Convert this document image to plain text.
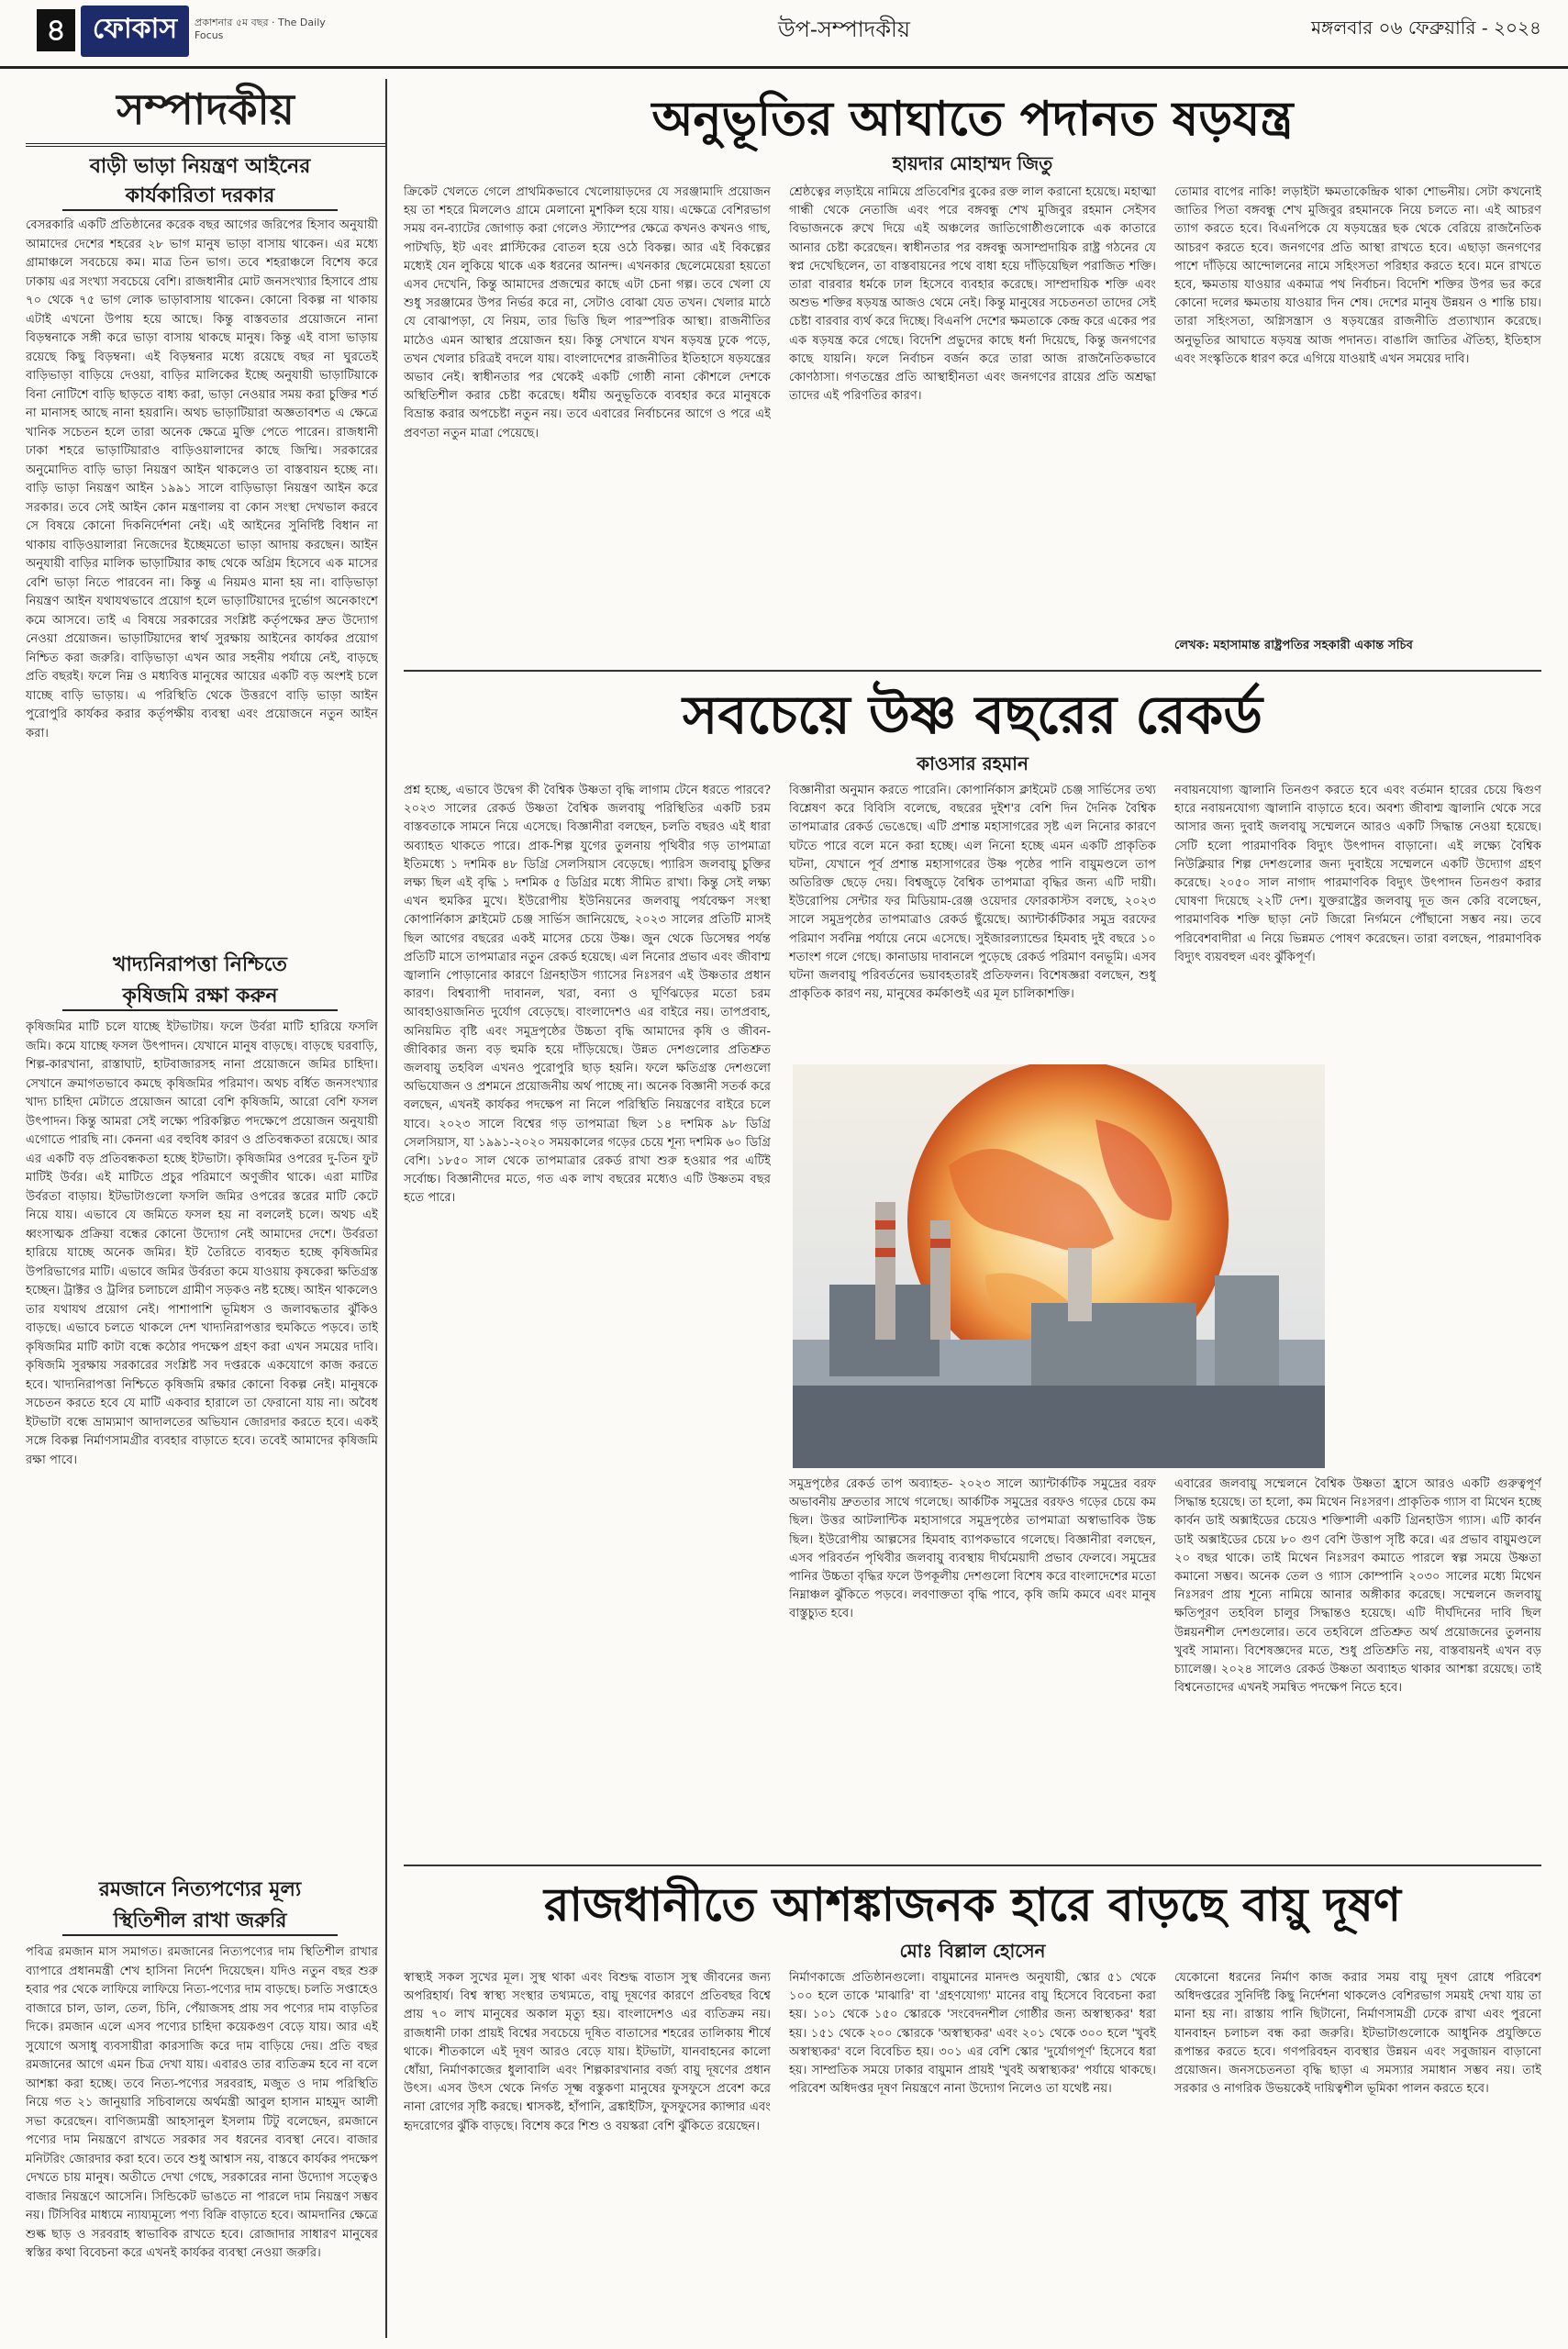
৪ ফোকাস	প্রকাশনার ৫ম বছর · The Daily Focus	উপ-সম্পাদকীয়	মঙ্গলবার ০৬ ফেব্রুয়ারি - ২০২৪
সম্পাদকীয়
বাড়ী ভাড়া নিয়ন্ত্রণ আইনের
কার্যকারিতা দরকার
বেসরকারি একটি প্রতিষ্ঠানের করেক বছর আগের জরিপের হিসাব অনুযায়ী আমাদের দেশের শহরের ২৮ ভাগ মানুষ ভাড়া বাসায় থাকেন। এর মধ্যে গ্রামাঞ্চলে সবচেয়ে কম। মাত্র তিন ভাগ। তবে শহরাঞ্চলে বিশেষ করে ঢাকায় এর সংখ্যা সবচেয়ে বেশি। রাজধানীর মোট জনসংখ্যার হিসাবে প্রায় ৭০ থেকে ৭৫ ভাগ লোক ভাড়াবাসায় থাকেন। কোনো বিকল্প না থাকায় এটাই এখনো উপায় হয়ে আছে। কিন্তু বাস্তবতার প্রয়োজনে নানা বিড়ম্বনাকে সঙ্গী করে ভাড়া বাসায় থাকছে মানুষ। কিন্তু এই বাসা ভাড়ায় রয়েছে কিছু বিড়ম্বনা। এই বিড়ম্বনার মধ্যে রয়েছে বছর না ঘুরতেই বাড়িভাড়া বাড়িয়ে দেওয়া, বাড়ির মালিকের ইচ্ছে অনুযায়ী ভাড়াটিয়াকে বিনা নোটিশে বাড়ি ছাড়তে বাধ্য করা, ভাড়া নেওয়ার সময় করা চুক্তির শর্ত না মানাসহ আছে নানা হয়রানি। অথচ ভাড়াটিয়ারা অজ্ঞতাবশত এ ক্ষেত্রে খানিক সচেতন হলে তারা অনেক ক্ষেত্রে মুক্তি পেতে পারেন। রাজধানী ঢাকা শহরে ভাড়াটিয়ারাও বাড়িওয়ালাদের কাছে জিম্মি। সরকারের অনুমোদিত বাড়ি ভাড়া নিয়ন্ত্রণ আইন থাকলেও তা বাস্তবায়ন হচ্ছে না। বাড়ি ভাড়া নিয়ন্ত্রণ আইন ১৯৯১ সালে বাড়িভাড়া নিয়ন্ত্রণ আইন করে সরকার। তবে সেই আইন কোন মন্ত্রণালয় বা কোন সংস্থা দেখভাল করবে সে বিষয়ে কোনো দিকনির্দেশনা নেই। এই আইনের সুনির্দিষ্ট বিধান না থাকায় বাড়িওয়ালারা নিজেদের ইচ্ছেমতো ভাড়া আদায় করছেন। আইন অনুযায়ী বাড়ির মালিক ভাড়াটিয়ার কাছ থেকে অগ্রিম হিসেবে এক মাসের বেশি ভাড়া নিতে পারবেন না। কিন্তু এ নিয়মও মানা হয় না। বাড়িভাড়া নিয়ন্ত্রণ আইন যথাযথভাবে প্রয়োগ হলে ভাড়াটিয়াদের দুর্ভোগ অনেকাংশে কমে আসবে। তাই এ বিষয়ে সরকারের সংশ্লিষ্ট কর্তৃপক্ষের দ্রুত উদ্যোগ নেওয়া প্রয়োজন। ভাড়াটিয়াদের স্বার্থ সুরক্ষায় আইনের কার্যকর প্রয়োগ নিশ্চিত করা জরুরি। বাড়িভাড়া এখন আর সহনীয় পর্যায়ে নেই, বাড়ছে প্রতি বছরই। ফলে নিম্ন ও মধ্যবিত্ত মানুষের আয়ের একটি বড় অংশই চলে যাচ্ছে বাড়ি ভাড়ায়। এ পরিস্থিতি থেকে উত্তরণে বাড়ি ভাড়া আইন পুরোপুরি কার্যকর করার কর্তৃপক্ষীয় ব্যবস্থা এবং প্রয়োজনে নতুন আইন করা।
খাদ্যনিরাপত্তা নিশ্চিতে
কৃষিজমি রক্ষা করুন
কৃষিজমির মাটি চলে যাচ্ছে ইটভাটায়। ফলে উর্বরা মাটি হারিয়ে ফসলি জমি। কমে যাচ্ছে ফসল উৎপাদন। যেখানে মানুষ বাড়ছে। বাড়ছে ঘরবাড়ি, শিল্প-কারখানা, রাস্তাঘাট, হাটবাজারসহ নানা প্রয়োজনে জমির চাহিদা। সেখানে ক্রমাগতভাবে কমছে কৃষিজমির পরিমাণ। অথচ বর্ধিত জনসংখ্যার খাদ্য চাহিদা মেটাতে প্রয়োজন আরো বেশি কৃষিজমি, আরো বেশি ফসল উৎপাদন। কিন্তু আমরা সেই লক্ষ্যে পরিকল্পিত পদক্ষেপে প্রয়োজন অনুযায়ী এগোতে পারছি না। কেননা এর বহুবিধ কারণ ও প্রতিবন্ধকতা রয়েছে। আর এর একটি বড় প্রতিবন্ধকতা হচ্ছে ইটভাটা। কৃষিজমির ওপরের দু-তিন ফুট মাটিই উর্বর। এই মাটিতে প্রচুর পরিমাণে অণুজীব থাকে। এরা মাটির উর্বরতা বাড়ায়। ইটভাটাগুলো ফসলি জমির ওপরের স্তরের মাটি কেটে নিয়ে যায়। এভাবে যে জমিতে ফসল হয় না বললেই চলে। অথচ এই ধ্বংসাত্মক প্রক্রিয়া বন্ধের কোনো উদ্যোগ নেই আমাদের দেশে। উর্বরতা হারিয়ে যাচ্ছে অনেক জমির। ইট তৈরিতে ব্যবহৃত হচ্ছে কৃষিজমির উপরিভাগের মাটি। এভাবে জমির উর্বরতা কমে যাওয়ায় কৃষকেরা ক্ষতিগ্রস্ত হচ্ছেন। ট্রাক্টর ও ট্রলির চলাচলে গ্রামীণ সড়কও নষ্ট হচ্ছে। আইন থাকলেও তার যথাযথ প্রয়োগ নেই। পাশাপাশি ভূমিধস ও জলাবদ্ধতার ঝুঁকিও বাড়ছে। এভাবে চলতে থাকলে দেশ খাদ্যনিরাপত্তার হুমকিতে পড়বে। তাই কৃষিজমির মাটি কাটা বন্ধে কঠোর পদক্ষেপ গ্রহণ করা এখন সময়ের দাবি। কৃষিজমি সুরক্ষায় সরকারের সংশ্লিষ্ট সব দপ্তরকে একযোগে কাজ করতে হবে। খাদ্যনিরাপত্তা নিশ্চিতে কৃষিজমি রক্ষার কোনো বিকল্প নেই। মানুষকে সচেতন করতে হবে যে মাটি একবার হারালে তা ফেরানো যায় না। অবৈধ ইটভাটা বন্ধে ভ্রাম্যমাণ আদালতের অভিযান জোরদার করতে হবে। একই সঙ্গে বিকল্প নির্মাণসামগ্রীর ব্যবহার বাড়াতে হবে। তবেই আমাদের কৃষিজমি রক্ষা পাবে।
রমজানে নিত্যপণ্যের মূল্য
স্থিতিশীল রাখা জরুরি
পবিত্র রমজান মাস সমাগত। রমজানের নিত্যপণ্যের দাম স্থিতিশীল রাখার ব্যাপারে প্রধানমন্ত্রী শেখ হাসিনা নির্দেশ দিয়েছেন। যদিও নতুন বছর শুরু হবার পর থেকে লাফিয়ে লাফিয়ে নিত্য-পণ্যের দাম বাড়ছে। চলতি সপ্তাহেও বাজারে চাল, ডাল, তেল, চিনি, পেঁয়াজসহ প্রায় সব পণ্যের দাম বাড়তির দিকে। রমজান এলে এসব পণ্যের চাহিদা কয়েকগুণ বেড়ে যায়। আর এই সুযোগে অসাধু ব্যবসায়ীরা কারসাজি করে দাম বাড়িয়ে দেয়। প্রতি বছর রমজানের আগে এমন চিত্র দেখা যায়। এবারও তার ব্যতিক্রম হবে না বলে আশঙ্কা করা হচ্ছে। তবে নিত্য-পণ্যের সরবরাহ, মজুত ও দাম পরিস্থিতি নিয়ে গত ২১ জানুয়ারি সচিবালয়ে অর্থমন্ত্রী আবুল হাসান মাহমুদ আলী সভা করেছেন। বাণিজ্যমন্ত্রী আহসানুল ইসলাম টিটু বলেছেন, রমজানে পণ্যের দাম নিয়ন্ত্রণে রাখতে সরকার সব ধরনের ব্যবস্থা নেবে। বাজার মনিটরিং জোরদার করা হবে। তবে শুধু আশ্বাস নয়, বাস্তবে কার্যকর পদক্ষেপ দেখতে চায় মানুষ। অতীতে দেখা গেছে, সরকারের নানা উদ্যোগ সত্ত্বেও বাজার নিয়ন্ত্রণে আসেনি। সিন্ডিকেট ভাঙতে না পারলে দাম নিয়ন্ত্রণ সম্ভব নয়। টিসিবির মাধ্যমে ন্যায্যমূল্যে পণ্য বিক্রি বাড়াতে হবে। আমদানির ক্ষেত্রে শুল্ক ছাড় ও সরবরাহ স্বাভাবিক রাখতে হবে। রোজাদার সাধারণ মানুষের স্বস্তির কথা বিবেচনা করে এখনই কার্যকর ব্যবস্থা নেওয়া জরুরি।
অনুভূতির আঘাতে পদানত ষড়যন্ত্র
হায়দার মোহাম্মদ জিতু
ক্রিকেট খেলতে গেলে প্রাথমিকভাবে খেলোয়াড়দের যে সরঞ্জামাদি প্রয়োজন হয় তা শহরে মিললেও গ্রামে মেলানো মুশকিল হয়ে যায়। এক্ষেত্রে বেশিরভাগ সময় বন-ব্যাটের জোগাড় করা গেলেও স্ট্যাম্পের ক্ষেত্রে কখনও কখনও গাছ, পাটখড়ি, ইট এবং প্লাস্টিকের বোতল হয়ে ওঠে বিকল্প। আর এই বিকল্পের মধ্যেই যেন লুকিয়ে থাকে এক ধরনের আনন্দ। এখনকার ছেলেমেয়েরা হয়তো এসব দেখেনি, কিন্তু আমাদের প্রজন্মের কাছে এটা চেনা গল্প। তবে খেলা যে শুধু সরঞ্জামের উপর নির্ভর করে না, সেটাও বোঝা যেত তখন। খেলার মাঠে যে বোঝাপড়া, যে নিয়ম, তার ভিত্তি ছিল পারস্পরিক আস্থা। রাজনীতির মাঠেও এমন আস্থার প্রয়োজন হয়। কিন্তু সেখানে যখন ষড়যন্ত্র ঢুকে পড়ে, তখন খেলার চরিত্রই বদলে যায়। বাংলাদেশের রাজনীতির ইতিহাসে ষড়যন্ত্রের অভাব নেই। স্বাধীনতার পর থেকেই একটি গোষ্ঠী নানা কৌশলে দেশকে অস্থিতিশীল করার চেষ্টা করেছে। ধর্মীয় অনুভূতিকে ব্যবহার করে মানুষকে বিভ্রান্ত করার অপচেষ্টা নতুন নয়। তবে এবারের নির্বাচনের আগে ও পরে এই প্রবণতা নতুন মাত্রা পেয়েছে।
শ্রেষ্ঠত্বের লড়াইয়ে নামিয়ে প্রতিবেশির বুকের রক্ত লাল করানো হয়েছে। মহাত্মা গান্ধী থেকে নেতাজি এবং পরে বঙ্গবন্ধু শেখ মুজিবুর রহমান সেইসব বিভাজনকে রুখে দিয়ে এই অঞ্চলের জাতিগোষ্ঠীগুলোকে এক কাতারে আনার চেষ্টা করেছেন। স্বাধীনতার পর বঙ্গবন্ধু অসাম্প্রদায়িক রাষ্ট্র গঠনের যে স্বপ্ন দেখেছিলেন, তা বাস্তবায়নের পথে বাধা হয়ে দাঁড়িয়েছিল পরাজিত শক্তি। তারা বারবার ধর্মকে ঢাল হিসেবে ব্যবহার করেছে। সাম্প্রদায়িক শক্তি এবং অশুভ শক্তির ষড়যন্ত্র আজও থেমে নেই। কিন্তু মানুষের সচেতনতা তাদের সেই চেষ্টা বারবার ব্যর্থ করে দিচ্ছে। বিএনপি দেশের ক্ষমতাকে কেন্দ্র করে একের পর এক ষড়যন্ত্র করে গেছে। বিদেশি প্রভুদের কাছে ধর্না দিয়েছে, কিন্তু জনগণের কাছে যায়নি। ফলে নির্বাচন বর্জন করে তারা আজ রাজনৈতিকভাবে কোণঠাসা। গণতন্ত্রের প্রতি আস্থাহীনতা এবং জনগণের রায়ের প্রতি অশ্রদ্ধা তাদের এই পরিণতির কারণ।
তোমার বাপের নাকি! লড়াইটা ক্ষমতাকেন্দ্রিক থাকা শোভনীয়। সেটা কখনোই জাতির পিতা বঙ্গবন্ধু শেখ মুজিবুর রহমানকে নিয়ে চলতে না। এই আচরণ ত্যাগ করতে হবে। বিএনপিকে যে ষড়যন্ত্রের ছক থেকে বেরিয়ে রাজনৈতিক আচরণ করতে হবে। জনগণের প্রতি আস্থা রাখতে হবে। এছাড়া জনগণের পাশে দাঁড়িয়ে আন্দোলনের নামে সহিংসতা পরিহার করতে হবে। মনে রাখতে হবে, ক্ষমতায় যাওয়ার একমাত্র পথ নির্বাচন। বিদেশি শক্তির উপর ভর করে কোনো দলের ক্ষমতায় যাওয়ার দিন শেষ। দেশের মানুষ উন্নয়ন ও শান্তি চায়। তারা সহিংসতা, অগ্নিসন্ত্রাস ও ষড়যন্ত্রের রাজনীতি প্রত্যাখ্যান করেছে। অনুভূতির আঘাতে ষড়যন্ত্র আজ পদানত। বাঙালি জাতির ঐতিহ্য, ইতিহাস এবং সংস্কৃতিকে ধারণ করে এগিয়ে যাওয়াই এখন সময়ের দাবি।
লেখক: মহাসামান্ত রাষ্ট্রপতির সহকারী একান্ত সচিব
সবচেয়ে উষ্ণ বছরের রেকর্ড
কাওসার রহমান
প্রশ্ন হচ্ছে, এভাবে উদ্বেগ কী বৈশ্বিক উষ্ণতা বৃদ্ধি লাগাম টেনে ধরতে পারবে? ২০২৩ সালের রেকর্ড উষ্ণতা বৈশ্বিক জলবায়ু পরিস্থিতির একটি চরম বাস্তবতাকে সামনে নিয়ে এসেছে। বিজ্ঞানীরা বলছেন, চলতি বছরও এই ধারা অব্যাহত থাকতে পারে। প্রাক-শিল্প যুগের তুলনায় পৃথিবীর গড় তাপমাত্রা ইতিমধ্যে ১ দশমিক ৪৮ ডিগ্রি সেলসিয়াস বেড়েছে। প্যারিস জলবায়ু চুক্তির লক্ষ্য ছিল এই বৃদ্ধি ১ দশমিক ৫ ডিগ্রির মধ্যে সীমিত রাখা। কিন্তু সেই লক্ষ্য এখন হুমকির মুখে। ইউরোপীয় ইউনিয়নের জলবায়ু পর্যবেক্ষণ সংস্থা কোপার্নিকাস ক্লাইমেট চেঞ্জ সার্ভিস জানিয়েছে, ২০২৩ সালের প্রতিটি মাসই ছিল আগের বছরের একই মাসের চেয়ে উষ্ণ। জুন থেকে ডিসেম্বর পর্যন্ত প্রতিটি মাসে তাপমাত্রার নতুন রেকর্ড হয়েছে। এল নিনোর প্রভাব এবং জীবাশ্ম জ্বালানি পোড়ানোর কারণে গ্রিনহাউস গ্যাসের নিঃসরণ এই উষ্ণতার প্রধান কারণ। বিশ্বব্যাপী দাবানল, খরা, বন্যা ও ঘূর্ণিঝড়ের মতো চরম আবহাওয়াজনিত দুর্যোগ বেড়েছে। বাংলাদেশও এর বাইরে নয়। তাপপ্রবাহ, অনিয়মিত বৃষ্টি এবং সমুদ্রপৃষ্ঠের উচ্চতা বৃদ্ধি আমাদের কৃষি ও জীবন-জীবিকার জন্য বড় হুমকি হয়ে দাঁড়িয়েছে। উন্নত দেশগুলোর প্রতিশ্রুত জলবায়ু তহবিল এখনও পুরোপুরি ছাড় হয়নি। ফলে ক্ষতিগ্রস্ত দেশগুলো অভিযোজন ও প্রশমনে প্রয়োজনীয় অর্থ পাচ্ছে না। অনেক বিজ্ঞানী সতর্ক করে বলছেন, এখনই কার্যকর পদক্ষেপ না নিলে পরিস্থিতি নিয়ন্ত্রণের বাইরে চলে যাবে। ২০২৩ সালে বিশ্বের গড় তাপমাত্রা ছিল ১৪ দশমিক ৯৮ ডিগ্রি সেলসিয়াস, যা ১৯৯১-২০২০ সময়কালের গড়ের চেয়ে শূন্য দশমিক ৬০ ডিগ্রি বেশি। ১৮৫০ সাল থেকে তাপমাত্রার রেকর্ড রাখা শুরু হওয়ার পর এটিই সর্বোচ্চ। বিজ্ঞানীদের মতে, গত এক লাখ বছরের মধ্যেও এটি উষ্ণতম বছর হতে পারে।
বিজ্ঞানীরা অনুমান করতে পারেনি। কোপার্নিকাস ক্লাইমেট চেঞ্জ সার্ভিসের তথ্য বিশ্লেষণ করে বিবিসি বলেছে, বছরের দুইশ'র বেশি দিন দৈনিক বৈশ্বিক তাপমাত্রার রেকর্ড ভেঙেছে। এটি প্রশান্ত মহাসাগরের সৃষ্ট এল নিনোর কারণে ঘটতে পারে বলে মনে করা হচ্ছে। এল নিনো হচ্ছে এমন একটি প্রাকৃতিক ঘটনা, যেখানে পূর্ব প্রশান্ত মহাসাগরের উষ্ণ পৃষ্ঠের পানি বায়ুমণ্ডলে তাপ অতিরিক্ত ছেড়ে দেয়। বিশ্বজুড়ে বৈশ্বিক তাপমাত্রা বৃদ্ধির জন্য এটি দায়ী। ইউরোপিয় সেন্টার ফর মিডিয়াম-রেঞ্জ ওয়েদার ফোরকাস্টস বলছে, ২০২৩ সালে সমুদ্রপৃষ্ঠের তাপমাত্রাও রেকর্ড ছুঁয়েছে। অ্যান্টার্কটিকার সমুদ্র বরফের পরিমাণ সর্বনিম্ন পর্যায়ে নেমে এসেছে। সুইজারল্যান্ডের হিমবাহ দুই বছরে ১০ শতাংশ গলে গেছে। কানাডায় দাবানলে পুড়েছে রেকর্ড পরিমাণ বনভূমি। এসব ঘটনা জলবায়ু পরিবর্তনের ভয়াবহতারই প্রতিফলন। বিশেষজ্ঞরা বলছেন, শুধু প্রাকৃতিক কারণ নয়, মানুষের কর্মকাণ্ডই এর মূল চালিকাশক্তি।
নবায়নযোগ্য জ্বালানি তিনগুণ করতে হবে এবং বর্তমান হারের চেয়ে দ্বিগুণ হারে নবায়নযোগ্য জ্বালানি বাড়াতে হবে। অবশ্য জীবাশ্ম জ্বালানি থেকে সরে আসার জন্য দুবাই জলবায়ু সম্মেলনে আরও একটি সিদ্ধান্ত নেওয়া হয়েছে। সেটি হলো পারমাণবিক বিদ্যুৎ উৎপাদন বাড়ানো। এই লক্ষ্যে বৈশ্বিক নিউক্লিয়ার শিল্প দেশগুলোর জন্য দুবাইয়ে সম্মেলনে একটি উদ্যোগ গ্রহণ করেছে। ২০৫০ সাল নাগাদ পারমাণবিক বিদ্যুৎ উৎপাদন তিনগুণ করার ঘোষণা দিয়েছে ২২টি দেশ। যুক্তরাষ্ট্রের জলবায়ু দূত জন কেরি বলেছেন, পারমাণবিক শক্তি ছাড়া নেট জিরো নির্গমনে পৌঁছানো সম্ভব নয়। তবে পরিবেশবাদীরা এ নিয়ে ভিন্নমত পোষণ করেছেন। তারা বলছেন, পারমাণবিক বিদ্যুৎ ব্যয়বহুল এবং ঝুঁকিপূর্ণ।
সমুদ্রপৃষ্ঠের রেকর্ড তাপ অব্যাহত- ২০২৩ সালে অ্যান্টার্কটিক সমুদ্রের বরফ অভাবনীয় দ্রুততার সাথে গলেছে। আর্কটিক সমুদ্রের বরফও গড়ের চেয়ে কম ছিল। উত্তর আটলান্টিক মহাসাগরে সমুদ্রপৃষ্ঠের তাপমাত্রা অস্বাভাবিক উচ্চ ছিল। ইউরোপীয় আল্পসের হিমবাহ ব্যাপকভাবে গলেছে। বিজ্ঞানীরা বলছেন, এসব পরিবর্তন পৃথিবীর জলবায়ু ব্যবস্থায় দীর্ঘমেয়াদী প্রভাব ফেলবে। সমুদ্রের পানির উচ্চতা বৃদ্ধির ফলে উপকূলীয় দেশগুলো বিশেষ করে বাংলাদেশের মতো নিম্নাঞ্চল ঝুঁকিতে পড়বে। লবণাক্ততা বৃদ্ধি পাবে, কৃষি জমি কমবে এবং মানুষ বাস্তুচ্যুত হবে।
এবারের জলবায়ু সম্মেলনে বৈশ্বিক উষ্ণতা হ্রাসে আরও একটি গুরুত্বপূর্ণ সিদ্ধান্ত হয়েছে। তা হলো, কম মিথেন নিঃসরণ। প্রাকৃতিক গ্যাস বা মিথেন হচ্ছে কার্বন ডাই অক্সাইডের চেয়েও শক্তিশালী একটি গ্রিনহাউস গ্যাস। এটি কার্বন ডাই অক্সাইডের চেয়ে ৮০ গুণ বেশি উত্তাপ সৃষ্টি করে। এর প্রভাব বায়ুমণ্ডলে ২০ বছর থাকে। তাই মিথেন নিঃসরণ কমাতে পারলে স্বল্প সময়ে উষ্ণতা কমানো সম্ভব। অনেক তেল ও গ্যাস কোম্পানি ২০৩০ সালের মধ্যে মিথেন নিঃসরণ প্রায় শূন্যে নামিয়ে আনার অঙ্গীকার করেছে। সম্মেলনে জলবায়ু ক্ষতিপূরণ তহবিল চালুর সিদ্ধান্তও হয়েছে। এটি দীর্ঘদিনের দাবি ছিল উন্নয়নশীল দেশগুলোর। তবে তহবিলে প্রতিশ্রুত অর্থ প্রয়োজনের তুলনায় খুবই সামান্য। বিশেষজ্ঞদের মতে, শুধু প্রতিশ্রুতি নয়, বাস্তবায়নই এখন বড় চ্যালেঞ্জ। ২০২৪ সালেও রেকর্ড উষ্ণতা অব্যাহত থাকার আশঙ্কা রয়েছে। তাই বিশ্বনেতাদের এখনই সমন্বিত পদক্ষেপ নিতে হবে।
রাজধানীতে আশঙ্কাজনক হারে বাড়ছে বায়ু দূষণ
মোঃ বিল্লাল হোসেন
স্বাস্থ্যই সকল সুখের মূল। সুস্থ থাকা এবং বিশুদ্ধ বাতাস সুস্থ জীবনের জন্য অপরিহার্য। বিশ্ব স্বাস্থ্য সংস্থার তথ্যমতে, বায়ু দূষণের কারণে প্রতিবছর বিশ্বে প্রায় ৭০ লাখ মানুষের অকাল মৃত্যু হয়। বাংলাদেশও এর ব্যতিক্রম নয়। রাজধানী ঢাকা প্রায়ই বিশ্বের সবচেয়ে দূষিত বাতাসের শহরের তালিকায় শীর্ষে থাকে। শীতকালে এই দূষণ আরও বেড়ে যায়। ইটভাটা, যানবাহনের কালো ধোঁয়া, নির্মাণকাজের ধুলাবালি এবং শিল্পকারখানার বর্জ্য বায়ু দূষণের প্রধান উৎস। এসব উৎস থেকে নির্গত সূক্ষ্ম বস্তুকণা মানুষের ফুসফুসে প্রবেশ করে নানা রোগের সৃষ্টি করছে। শ্বাসকষ্ট, হাঁপানি, ব্রঙ্কাইটিস, ফুসফুসের ক্যান্সার এবং হৃদরোগের ঝুঁকি বাড়ছে। বিশেষ করে শিশু ও বয়স্করা বেশি ঝুঁকিতে রয়েছেন।
নির্মাণকাজে প্রতিষ্ঠানগুলো। বায়ুমানের মানদণ্ড অনুযায়ী, স্কোর ৫১ থেকে ১০০ হলে তাকে 'মাঝারি' বা 'গ্রহণযোগ্য' মানের বায়ু হিসেবে বিবেচনা করা হয়। ১০১ থেকে ১৫০ স্কোরকে 'সংবেদনশীল গোষ্ঠীর জন্য অস্বাস্থ্যকর' ধরা হয়। ১৫১ থেকে ২০০ স্কোরকে 'অস্বাস্থ্যকর' এবং ২০১ থেকে ৩০০ হলে 'খুবই অস্বাস্থ্যকর' বলে বিবেচিত হয়। ৩০১ এর বেশি স্কোর 'দুর্যোগপূর্ণ' হিসেবে ধরা হয়। সাম্প্রতিক সময়ে ঢাকার বায়ুমান প্রায়ই 'খুবই অস্বাস্থ্যকর' পর্যায়ে থাকছে। পরিবেশ অধিদপ্তর দূষণ নিয়ন্ত্রণে নানা উদ্যোগ নিলেও তা যথেষ্ট নয়।
যেকোনো ধরনের নির্মাণ কাজ করার সময় বায়ু দূষণ রোধে পরিবেশ অধিদপ্তরের সুনির্দিষ্ট কিছু নির্দেশনা থাকলেও বেশিরভাগ সময়ই দেখা যায় তা মানা হয় না। রাস্তায় পানি ছিটানো, নির্মাণসামগ্রী ঢেকে রাখা এবং পুরনো যানবাহন চলাচল বন্ধ করা জরুরি। ইটভাটাগুলোকে আধুনিক প্রযুক্তিতে রূপান্তর করতে হবে। গণপরিবহন ব্যবস্থার উন্নয়ন এবং সবুজায়ন বাড়ানো প্রয়োজন। জনসচেতনতা বৃদ্ধি ছাড়া এ সমস্যার সমাধান সম্ভব নয়। তাই সরকার ও নাগরিক উভয়কেই দায়িত্বশীল ভূমিকা পালন করতে হবে।
